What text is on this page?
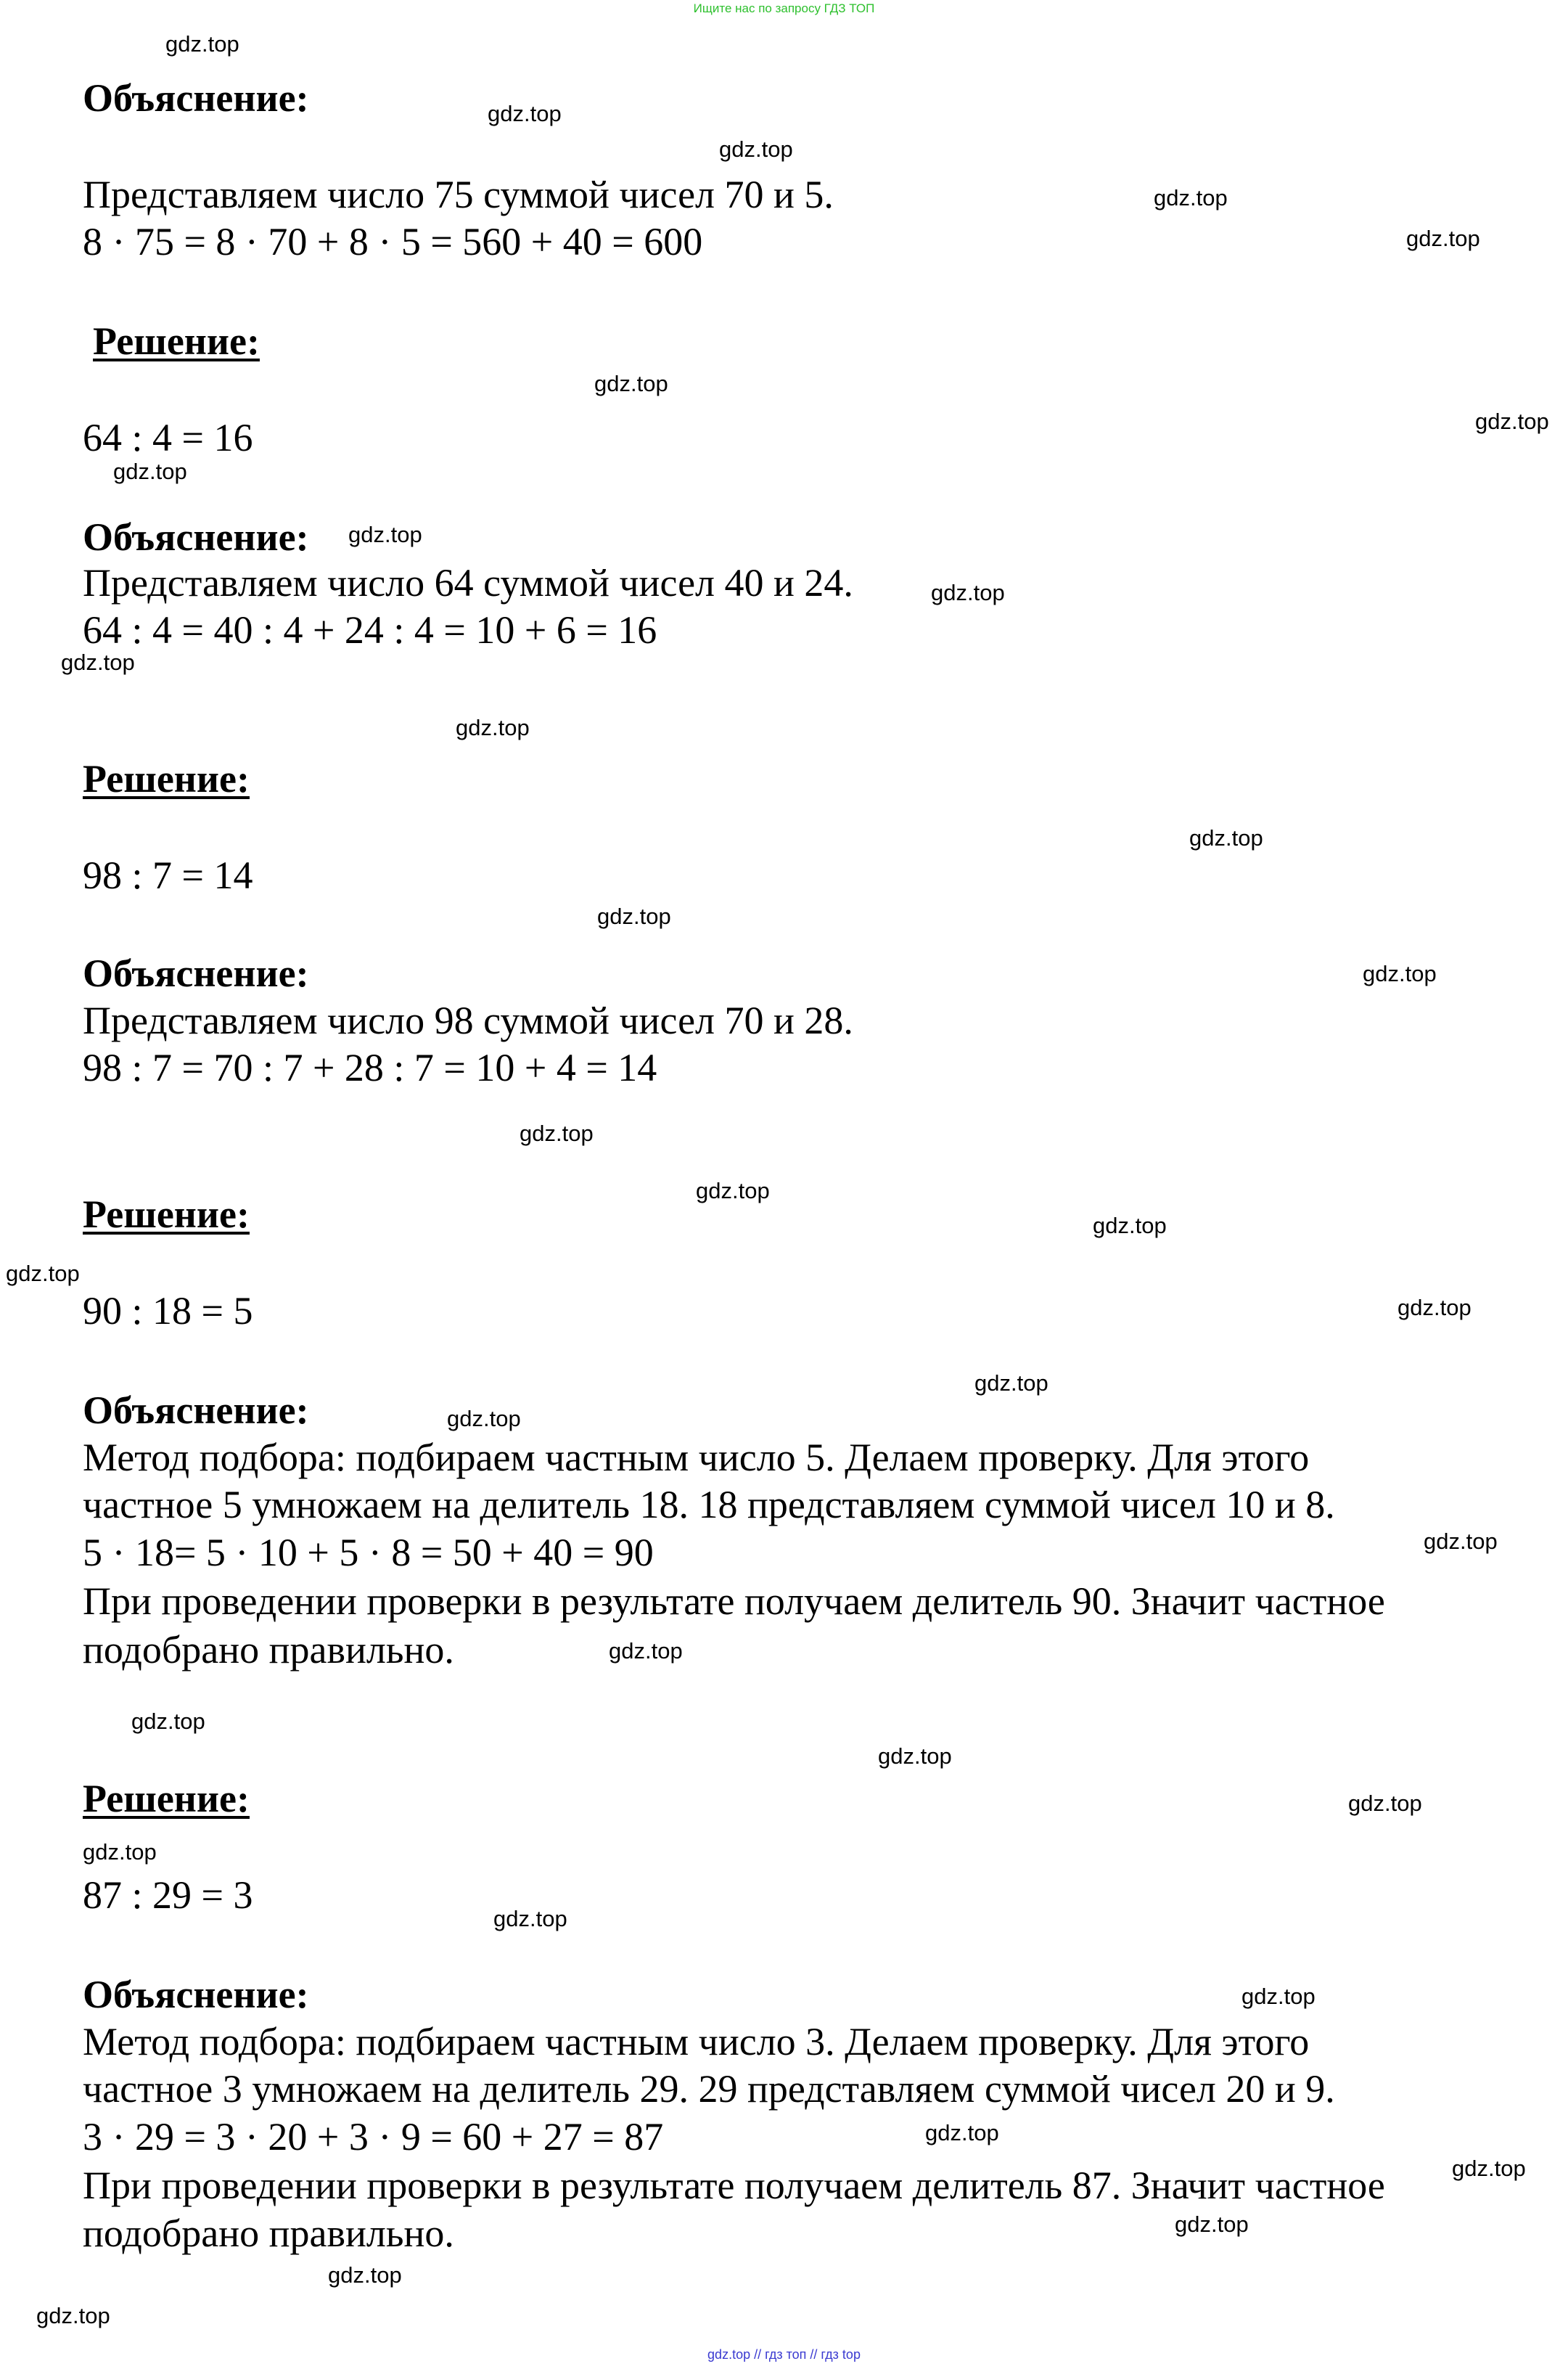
Ищите нас по запросу ГДЗ ТОП
Объяснение:
Представляем число 75 суммой чисел 70 и 5.
8 · 75 = 8 · 70 + 8 · 5 = 560 + 40 = 600
Решение:
64 : 4 = 16
Объяснение:
Представляем число 64 суммой чисел 40 и 24.
64 : 4 = 40 : 4 + 24 : 4 = 10 + 6 = 16
Решение:
98 : 7 = 14
Объяснение:
Представляем число 98 суммой чисел 70 и 28.
98 : 7 = 70 : 7 + 28 : 7 = 10 + 4 = 14
Решение:
90 : 18 = 5
Объяснение:
Метод подбора: подбираем частным число 5. Делаем проверку. Для этого
частное 5 умножаем на делитель 18. 18 представляем суммой чисел 10 и 8.
5 · 18= 5 · 10 + 5 · 8 = 50 + 40 = 90
При проведении проверки в результате получаем делитель 90. Значит частное
подобрано правильно.
Решение:
87 : 29 = 3
Объяснение:
Метод подбора: подбираем частным число 3. Делаем проверку. Для этого
частное 3 умножаем на делитель 29. 29 представляем суммой чисел 20 и 9.
3 · 29 = 3 · 20 + 3 · 9 = 60 + 27 = 87
При проведении проверки в результате получаем делитель 87. Значит частное
подобрано правильно.
gdz.top
gdz.top
gdz.top
gdz.top
gdz.top
gdz.top
gdz.top
gdz.top
gdz.top
gdz.top
gdz.top
gdz.top
gdz.top
gdz.top
gdz.top
gdz.top
gdz.top
gdz.top
gdz.top
gdz.top
gdz.top
gdz.top
gdz.top
gdz.top
gdz.top
gdz.top
gdz.top
gdz.top
gdz.top
gdz.top
gdz.top
gdz.top
gdz.top
gdz.top
gdz.top
gdz.top // гдз топ // гдз top
